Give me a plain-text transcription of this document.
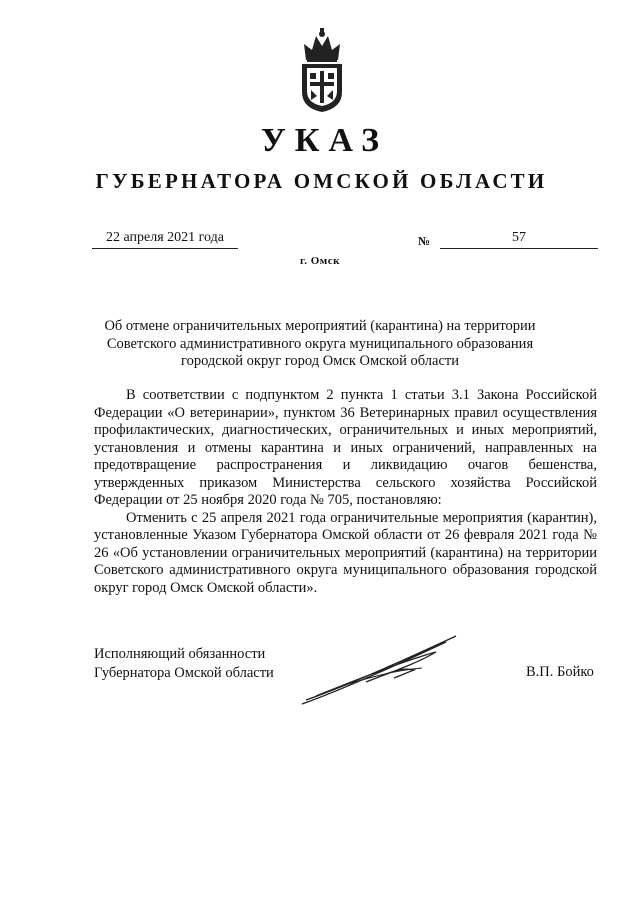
УКАЗ
ГУБЕРНАТОРА ОМСКОЙ ОБЛАСТИ
22 апреля 2021 года	№	57
г. Омск
Об отмене ограничительных мероприятий (карантина) на территории Советского административного округа муниципального образования городской округ город Омск Омской области

В соответствии с подпунктом 2 пункта 1 статьи 3.1 Закона Российской Федерации «О ветеринарии», пунктом 36 Ветеринарных правил осуществления профилактических, диагностических, ограничительных и иных мероприятий, установления и отмены карантина и иных ограничений, направленных на предотвращение распространения и ликвидацию очагов бешенства, утвержденных приказом Министерства сельского хозяйства Российской Федерации от 25 ноября 2020 года № 705, постановляю:

Отменить с 25 апреля 2021 года ограничительные мероприятия (карантин), установленные Указом Губернатора Омской области от 26 февраля 2021 года № 26 «Об установлении ограничительных мероприятий (карантина) на территории Советского административного округа муниципального образования городской округ город Омск Омской области».

Исполняющий обязанности
Губернатора Омской области	В.П. Бойко
